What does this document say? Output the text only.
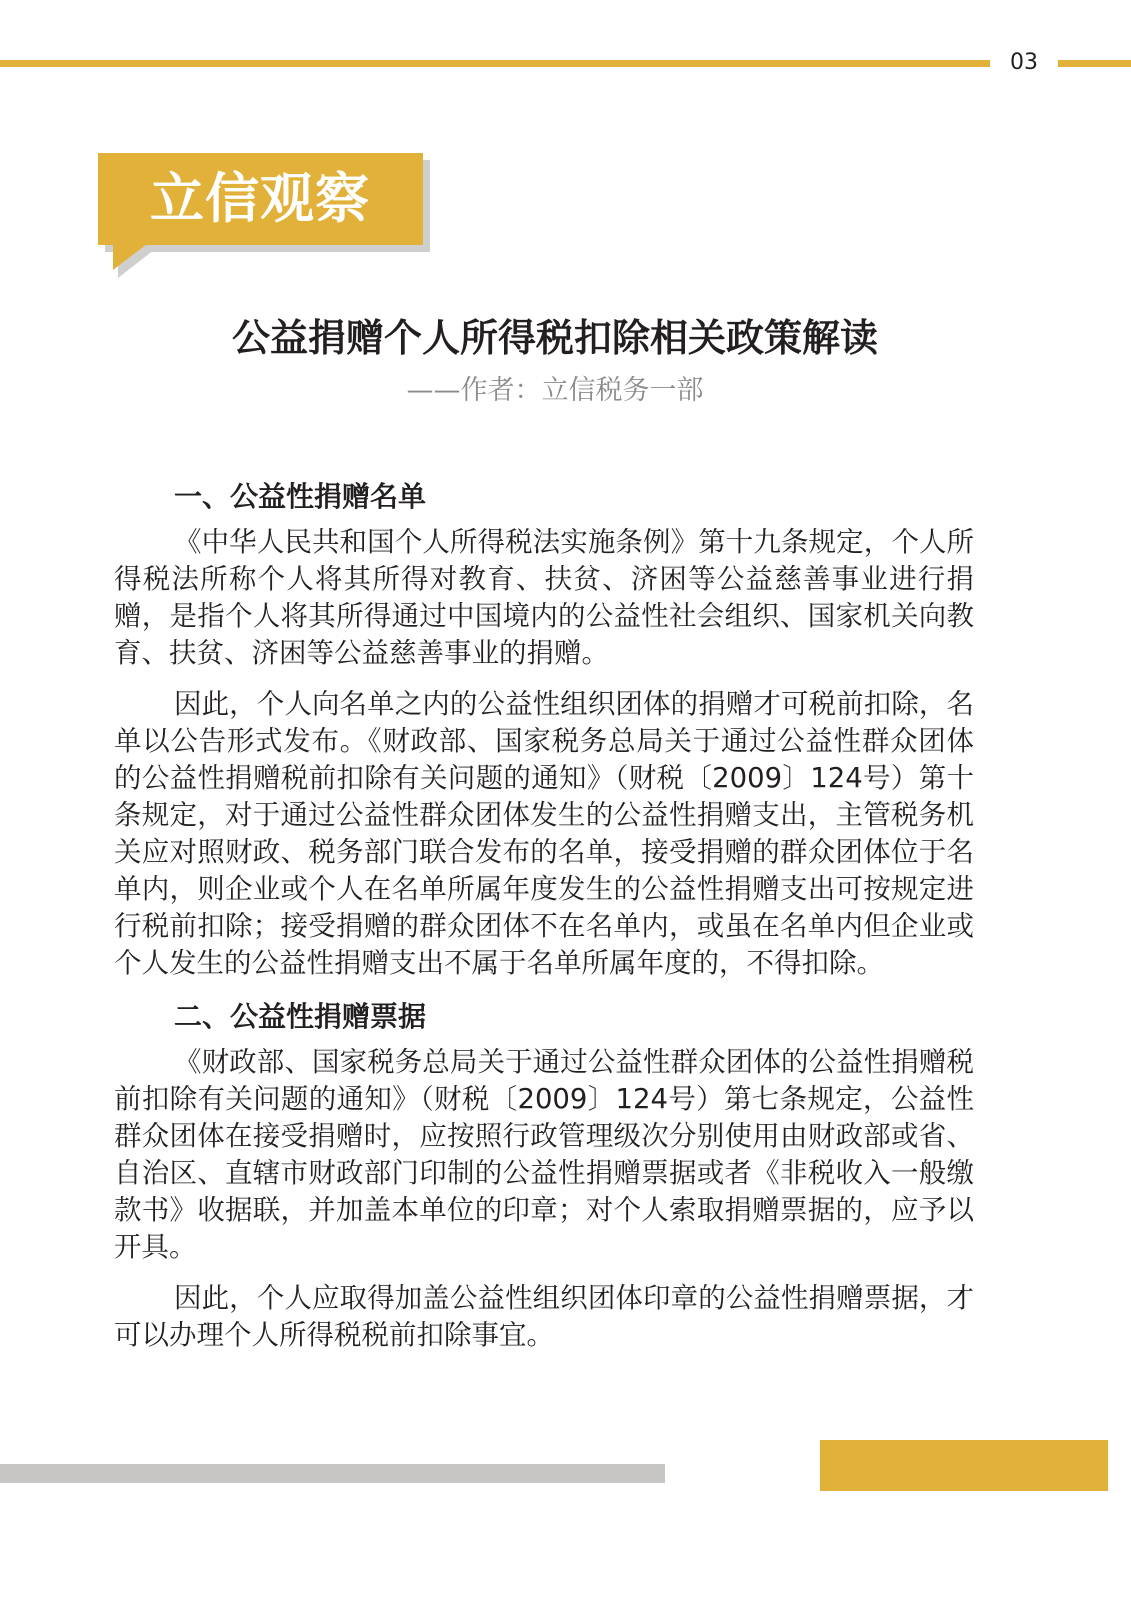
03
立信观察
公益捐赠个人所得税扣除相关政策解读
——作者：立信税务一部
一、公益性捐赠名单

《中华人民共和国个人所得税法实施条例》第十九条规定，个人所得税法所称个人将其所得对教育、扶贫、济困等公益慈善事业进行捐赠，是指个人将其所得通过中国境内的公益性社会组织、国家机关向教育、扶贫、济困等公益慈善事业的捐赠。

因此，个人向名单之内的公益性组织团体的捐赠才可税前扣除，名单以公告形式发布。《财政部、国家税务总局关于通过公益性群众团体的公益性捐赠税前扣除有关问题的通知》（财税〔2009〕124号）第十条规定，对于通过公益性群众团体发生的公益性捐赠支出，主管税务机关应对照财政、税务部门联合发布的名单，接受捐赠的群众团体位于名单内，则企业或个人在名单所属年度发生的公益性捐赠支出可按规定进行税前扣除；接受捐赠的群众团体不在名单内，或虽在名单内但企业或个人发生的公益性捐赠支出不属于名单所属年度的，不得扣除。

二、公益性捐赠票据

《财政部、国家税务总局关于通过公益性群众团体的公益性捐赠税前扣除有关问题的通知》（财税〔2009〕124号）第七条规定，公益性群众团体在接受捐赠时，应按照行政管理级次分别使用由财政部或省、自治区、直辖市财政部门印制的公益性捐赠票据或者《非税收入一般缴款书》收据联，并加盖本单位的印章；对个人索取捐赠票据的，应予以开具。

因此，个人应取得加盖公益性组织团体印章的公益性捐赠票据，才可以办理个人所得税税前扣除事宜。
